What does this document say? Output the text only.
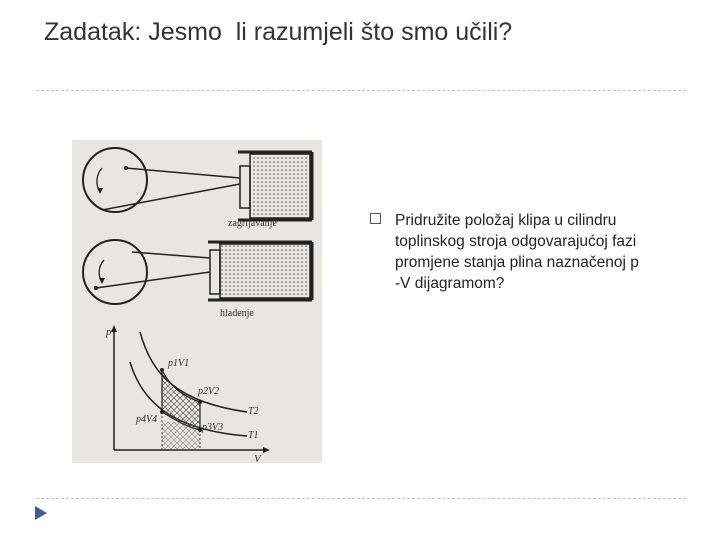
Zadatak: Jesmo  li razumjeli što smo učili?
zagrijavanje
hladenje
p
V
p1V1
p2V2
p3V3
p4V4
T2
T1
Pridružite položaj klipa u cilindru
toplinskog stroja odgovarajućoj fazi
promjene stanja plina naznačenoj p
-V dijagramom?
